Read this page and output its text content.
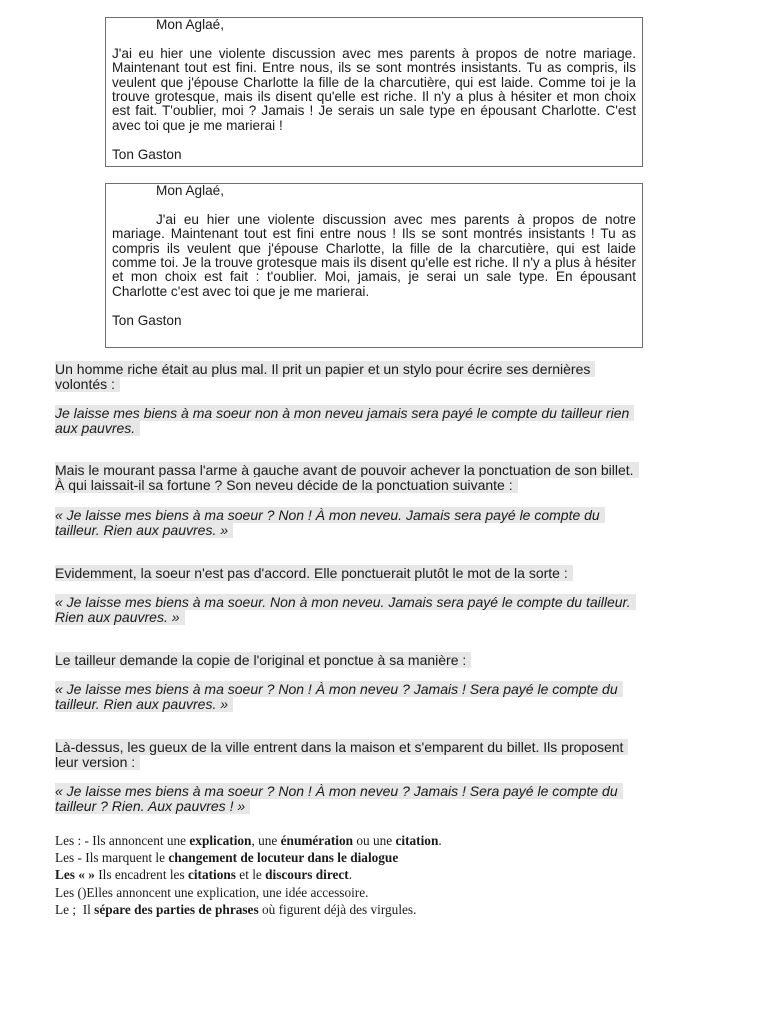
Mon Aglaé,

J'ai eu hier une violente discussion avec mes parents à propos de notre mariage. Maintenant tout est fini. Entre nous, ils se sont montrés insistants. Tu as compris, ils veulent que j'épouse Charlotte la fille de la charcutière, qui est laide. Comme toi je la trouve grotesque, mais ils disent qu'elle est riche. Il n'y a plus à hésiter et mon choix est fait. T'oublier, moi ? Jamais ! Je serais un sale type en épousant Charlotte. C'est avec toi que je me marierai !

Ton Gaston

Mon Aglaé,

J'ai eu hier une violente discussion avec mes parents à propos de notre mariage. Maintenant tout est fini entre nous ! Ils se sont montrés insistants ! Tu as compris ils veulent que j'épouse Charlotte, la fille de la charcutière, qui est laide comme toi. Je la trouve grotesque mais ils disent qu'elle est riche. Il n'y a plus à hésiter et mon choix est fait : t'oublier. Moi, jamais, je serai un sale type. En épousant Charlotte c'est avec toi que je me marierai.

Ton Gaston

Un homme riche était au plus mal. Il prit un papier et un stylo pour écrire ses dernières volontés :
Je laisse mes biens à ma soeur non à mon neveu jamais sera payé le compte du tailleur rien aux pauvres.
Mais le mourant passa l'arme à gauche avant de pouvoir achever la ponctuation de son billet. À qui laissait-il sa fortune ? Son neveu décide de la ponctuation suivante :
« Je laisse mes biens à ma soeur ? Non ! À mon neveu. Jamais sera payé le compte du tailleur. Rien aux pauvres. »
Evidemment, la soeur n'est pas d'accord. Elle ponctuerait plutôt le mot de la sorte :
« Je laisse mes biens à ma soeur. Non à mon neveu. Jamais sera payé le compte du tailleur. Rien aux pauvres. »
Le tailleur demande la copie de l'original et ponctue à sa manière :
« Je laisse mes biens à ma soeur ? Non ! À mon neveu ? Jamais ! Sera payé le compte du tailleur. Rien aux pauvres. »
Là-dessus, les gueux de la ville entrent dans la maison et s'emparent du billet. Ils proposent leur version :
« Je laisse mes biens à ma soeur ? Non ! À mon neveu ? Jamais ! Sera payé le compte du tailleur ? Rien. Aux pauvres ! »
Les : - Ils annoncent une explication, une énumération ou une citation.
Les - Ils marquent le changement de locuteur dans le dialogue
Les « » Ils encadrent les citations et le discours direct.
Les ()Elles annoncent une explication, une idée accessoire.
Le ;  Il sépare des parties de phrases où figurent déjà des virgules.
